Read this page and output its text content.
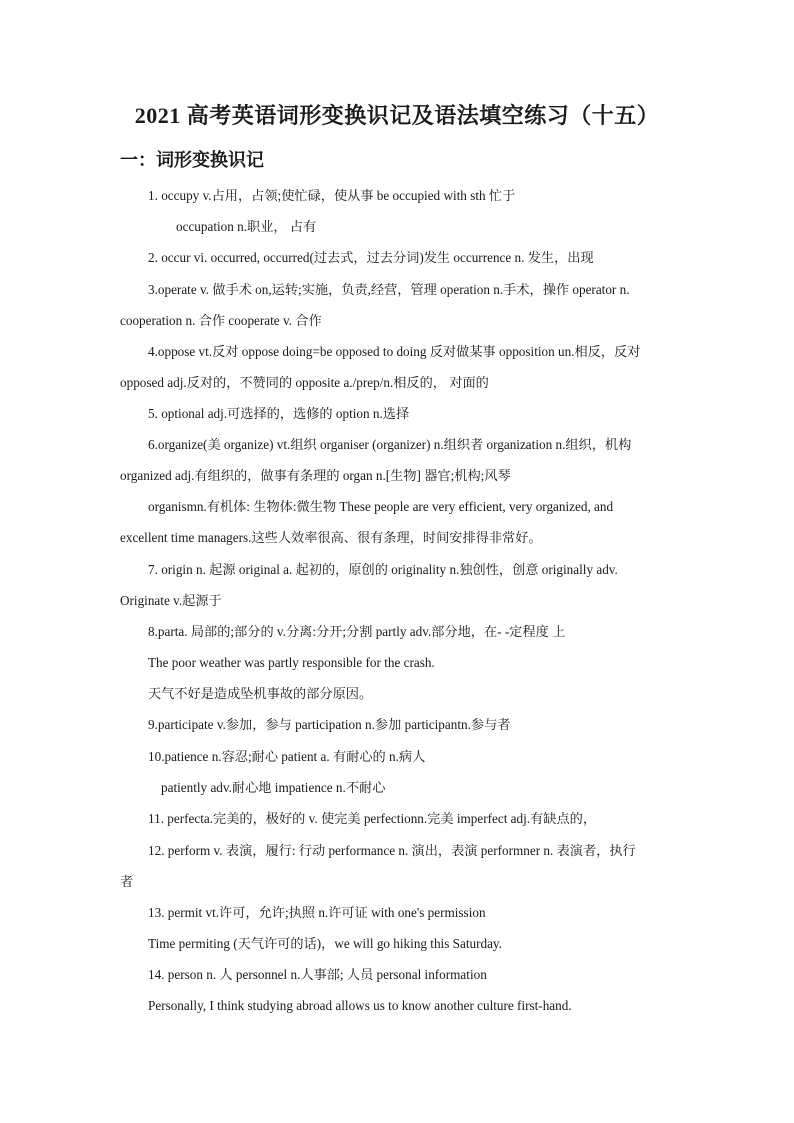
2021 高考英语词形变换识记及语法填空练习（十五）
一：词形变换识记
1. occupy v.占用，占领;使忙碌，使从事 be occupied with sth 忙于
occupation n.职业， 占有
2. occur vi. occurred, occurred(过去式，过去分词)发生 occurrence n. 发生，出现
3.operate v. 做手术 on,运转;实施，负责,经营，管理 operation n.手术，操作 operator n.
cooperation n. 合作 cooperate v. 合作
4.oppose vt.反对 oppose doing=be opposed to doing 反对做某事 opposition un.相反，反对
opposed adj.反对的，不赞同的 opposite a./prep/n.相反的， 对面的
5. optional adj.可选择的，选修的 option n.选择
6.organize(美 organize) vt.组织 organiser (organizer) n.组织者 organization n.组织，机构
organized adj.有组织的，做事有条理的 organ n.[生物] 器官;机构;风琴
organismn.有机体: 生物体:微生物 These people are very efficient, very organized, and
excellent time managers.这些人效率很高、很有条理，时间安排得非常好。
7. origin n. 起源 original a. 起初的，原创的 originality n.独创性，创意 originally adv.
Originate v.起源于
8.parta. 局部的;部分的 v.分离:分开;分割 partly adv.部分地，在- -定程度 上
The poor weather was partly responsible for the crash.
天气不好是造成坠机事故的部分原因。
9.participate v.参加，参与 participation n.参加 participantn.参与者
10.patience n.容忍;耐心 patient a. 有耐心的 n.病人
patiently adv.耐心地 impatience n.不耐心
11. perfecta.完美的，极好的 v. 使完美 perfectionn.完美 imperfect adj.有缺点的，
12. perform v. 表演，履行: 行动 performance n. 演出，表演 performner n. 表演者，执行
者
13. permit vt.许可，允许;执照 n.许可证 with one's permission
Time permiting (天气许可的话)，we will go hiking this Saturday.
14. person n. 人 personnel n.人事部; 人员 personal information
Personally, I think studying abroad allows us to know another culture first-hand.
